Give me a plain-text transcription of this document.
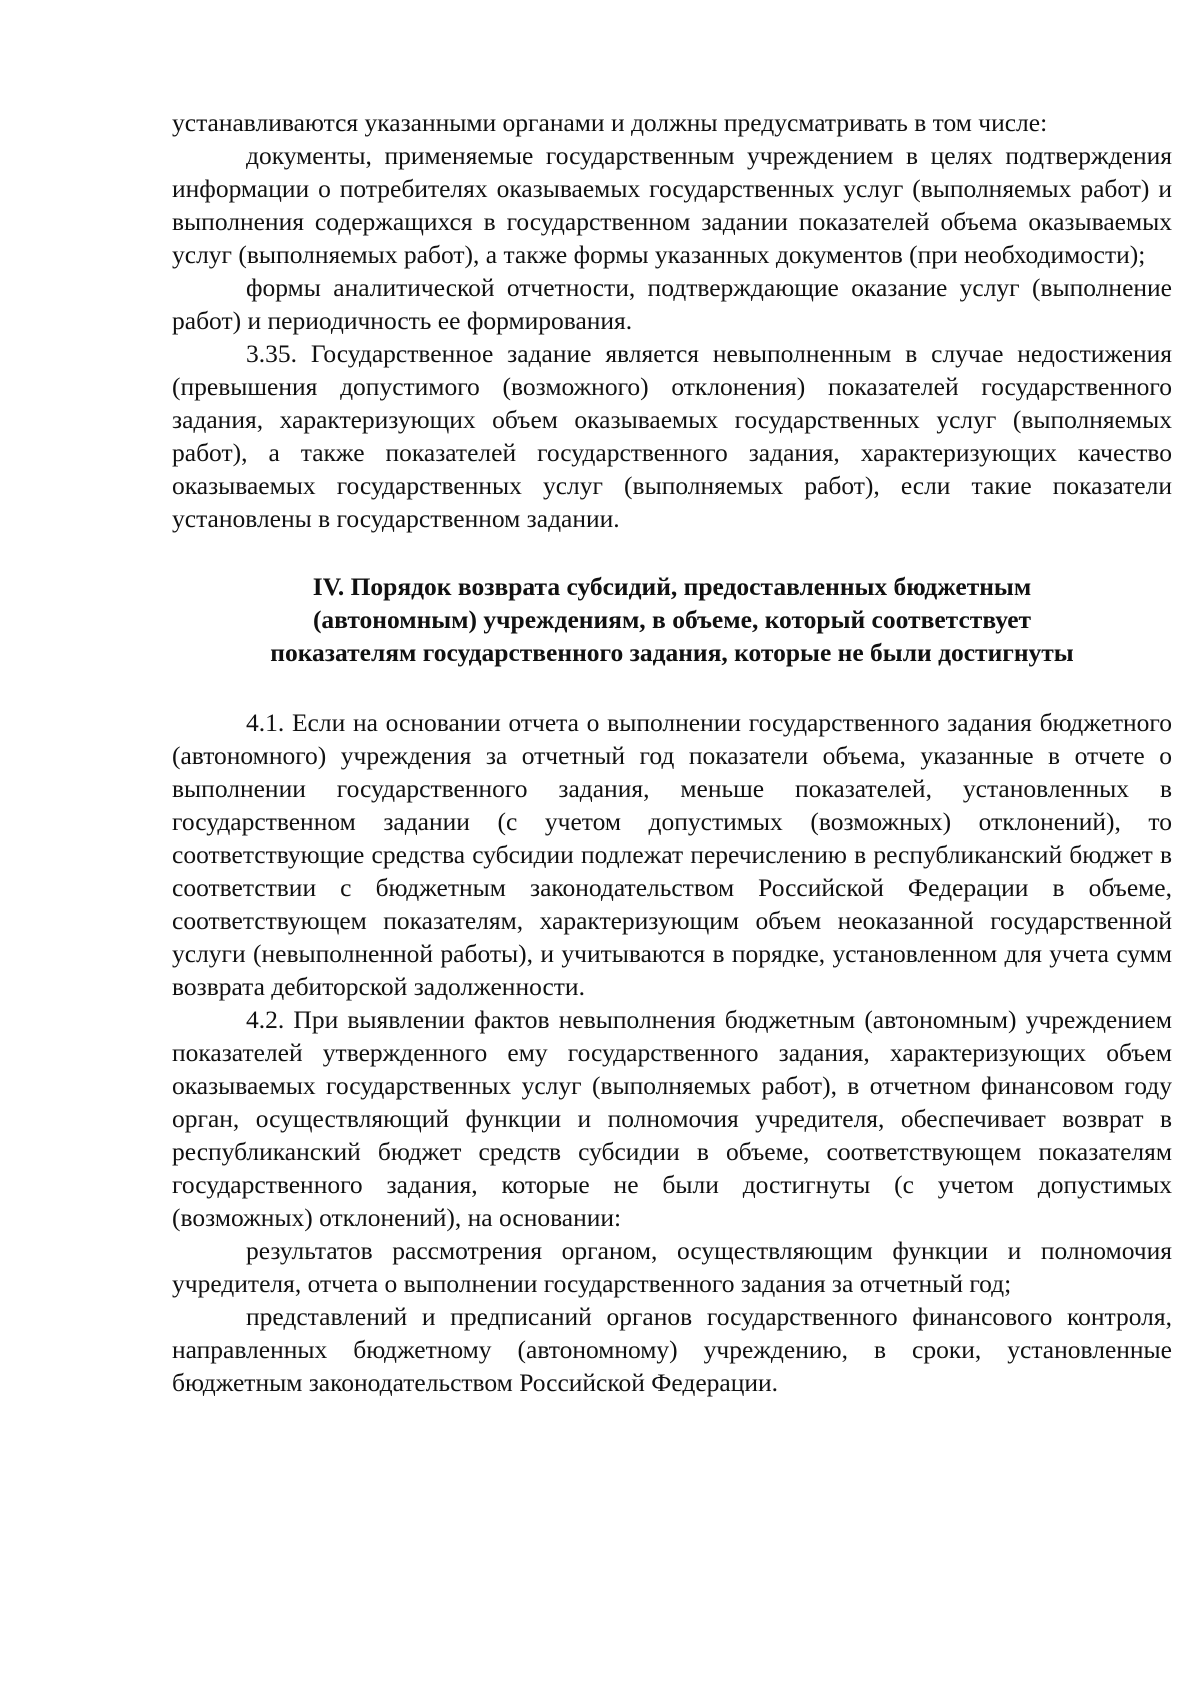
устанавливаются указанными органами и должны предусматривать в том числе:

документы, применяемые государственным учреждением в целях подтверждения информации о потребителях оказываемых государственных услуг (выполняемых работ) и выполнения содержащихся в государственном задании показателей объема оказываемых услуг (выполняемых работ), а также формы указанных документов (при необходимости);

формы аналитической отчетности, подтверждающие оказание услуг (выполнение работ) и периодичность ее формирования.

3.35. Государственное задание является невыполненным в случае недостижения (превышения допустимого (возможного) отклонения) показателей государственного задания, характеризующих объем оказываемых государственных услуг (выполняемых работ), а также показателей государственного задания, характеризующих качество оказываемых государственных услуг (выполняемых работ), если такие показатели установлены в государственном задании.

IV. Порядок возврата субсидий, предоставленных бюджетным
(автономным) учреждениям, в объеме, который соответствует
показателям государственного задания, которые не были достигнуты

4.1. Если на основании отчета о выполнении государственного задания бюджетного (автономного) учреждения за отчетный год показатели объема, указанные в отчете о выполнении государственного задания, меньше показателей, установленных в государственном задании (с учетом допустимых (возможных) отклонений), то соответствующие средства субсидии подлежат перечислению в республиканский бюджет в соответствии с бюджетным законодательством Российской Федерации в объеме, соответствующем показателям, характеризующим объем неоказанной государственной услуги (невыполненной работы), и учитываются в порядке, установленном для учета сумм возврата дебиторской задолженности.

4.2. При выявлении фактов невыполнения бюджетным (автономным) учреждением показателей утвержденного ему государственного задания, характеризующих объем оказываемых государственных услуг (выполняемых работ), в отчетном финансовом году орган, осуществляющий функции и полномочия учредителя, обеспечивает возврат в республиканский бюджет средств субсидии в объеме, соответствующем показателям государственного задания, которые не были достигнуты (с учетом допустимых (возможных) отклонений), на основании:

результатов рассмотрения органом, осуществляющим функции и полномочия учредителя, отчета о выполнении государственного задания за отчетный год;

представлений и предписаний органов государственного финансового контроля, направленных бюджетному (автономному) учреждению, в сроки, установленные бюджетным законодательством Российской Федерации.
